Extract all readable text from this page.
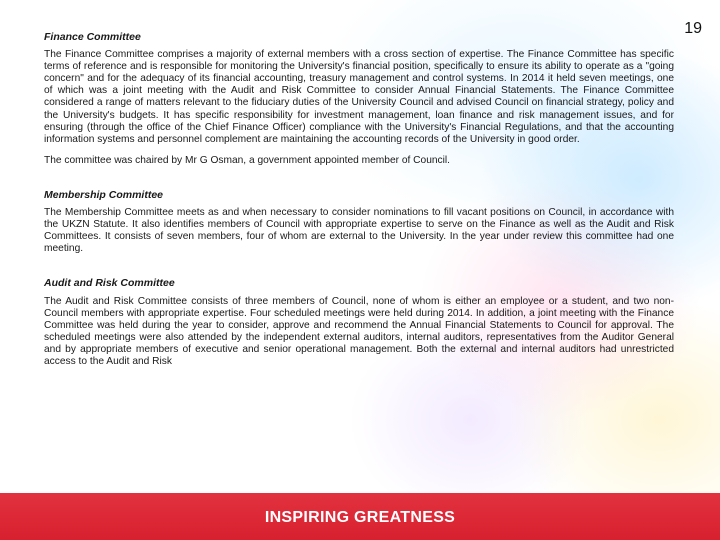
19

Finance Committee

The Finance Committee comprises a majority of external members with a cross section of expertise. The Finance Committee has specific terms of reference and is responsible for monitoring the University's financial position, specifically to ensure its ability to operate as a "going concern" and for the adequacy of its financial accounting, treasury management and control systems. In 2014 it held seven meetings, one of which was a joint meeting with the Audit and Risk Committee to consider Annual Financial Statements. The Finance Committee considered a range of matters relevant to the fiduciary duties of the University Council and advised Council on financial strategy, policy and the University's budgets. It has specific responsibility for investment management, loan finance and risk management issues, and for ensuring (through the office of the Chief Finance Officer) compliance with the University's Financial Regulations, and that the accounting information systems and personnel complement are maintaining the accounting records of the University in good order.

The committee was chaired by Mr G Osman, a government appointed member of Council.

Membership Committee

The Membership Committee meets as and when necessary to consider nominations to fill vacant positions on Council, in accordance with the UKZN Statute. It also identifies members of Council with appropriate expertise to serve on the Finance as well as the Audit and Risk Committees. It consists of seven members, four of whom are external to the University. In the year under review this committee had one meeting.

Audit and Risk Committee

The Audit and Risk Committee consists of three members of Council, none of whom is either an employee or a student, and two non-Council members with appropriate expertise. Four scheduled meetings were held during 2014. In addition, a joint meeting with the Finance Committee was held during the year to consider, approve and recommend the Annual Financial Statements to Council for approval. The scheduled meetings were also attended by the independent external auditors, internal auditors, representatives from the Auditor General and by appropriate members of executive and senior operational management. Both the external and internal auditors had unrestricted access to the Audit and Risk

INSPIRING GREATNESS
